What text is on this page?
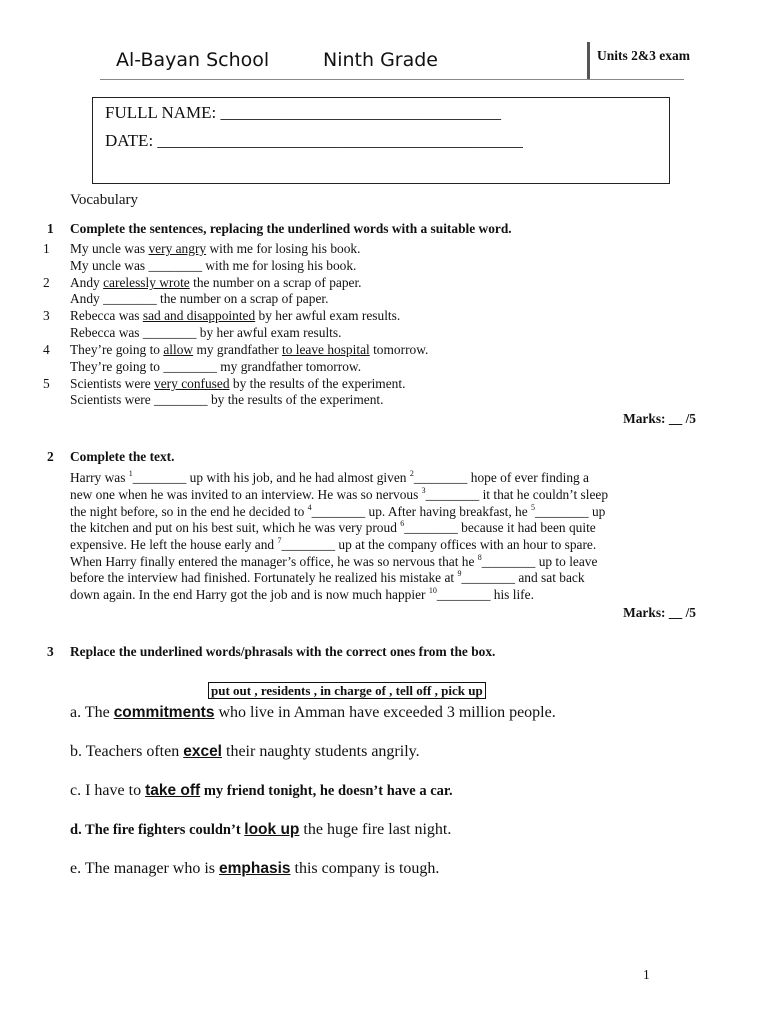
Al-Bayan School	Ninth Grade	Units 2&3 exam
FULLL NAME: _________________________________
DATE: ___________________________________________
Vocabulary
1 Complete the sentences, replacing the underlined words with a suitable word.
1 My uncle was very angry with me for losing his book.
My uncle was ________ with me for losing his book.
2 Andy carelessly wrote the number on a scrap of paper.
Andy ________ the number on a scrap of paper.
3 Rebecca was sad and disappointed by her awful exam results.
Rebecca was ________ by her awful exam results.
4 They’re going to allow my grandfather to leave hospital tomorrow.
They’re going to ________ my grandfather tomorrow.
5 Scientists were very confused by the results of the experiment.
Scientists were ________ by the results of the experiment.
Marks: __ /5
2 Complete the text.
Harry was $^1$________ up with his job, and he had almost given $^2$________ hope of ever finding a
new one when he was invited to an interview. He was so nervous $^3$________ it that he couldn’t sleep
the night before, so in the end he decided to $^4$________ up. After having breakfast, he $^5$________ up
the kitchen and put on his best suit, which he was very proud $^6$________ because it had been quite
expensive. He left the house early and $^7$________ up at the company offices with an hour to spare.
When Harry finally entered the manager’s office, he was so nervous that he $^8$________ up to leave
before the interview had finished. Fortunately he realized his mistake at $^9$________ and sat back
down again. In the end Harry got the job and is now much happier $^{10}$________ his life.
Marks: __ /5
3 Replace the underlined words/phrasals with the correct ones from the box.
put out , residents , in charge of , tell off , pick up
a. The commitments who live in Amman have exceeded 3 million people.
b. Teachers often excel their naughty students angrily.
c. I have to take off my friend tonight, he doesn’t have a car.
d. The fire fighters couldn’t look up the huge fire last night.
e. The manager who is emphasis this company is tough.
1
